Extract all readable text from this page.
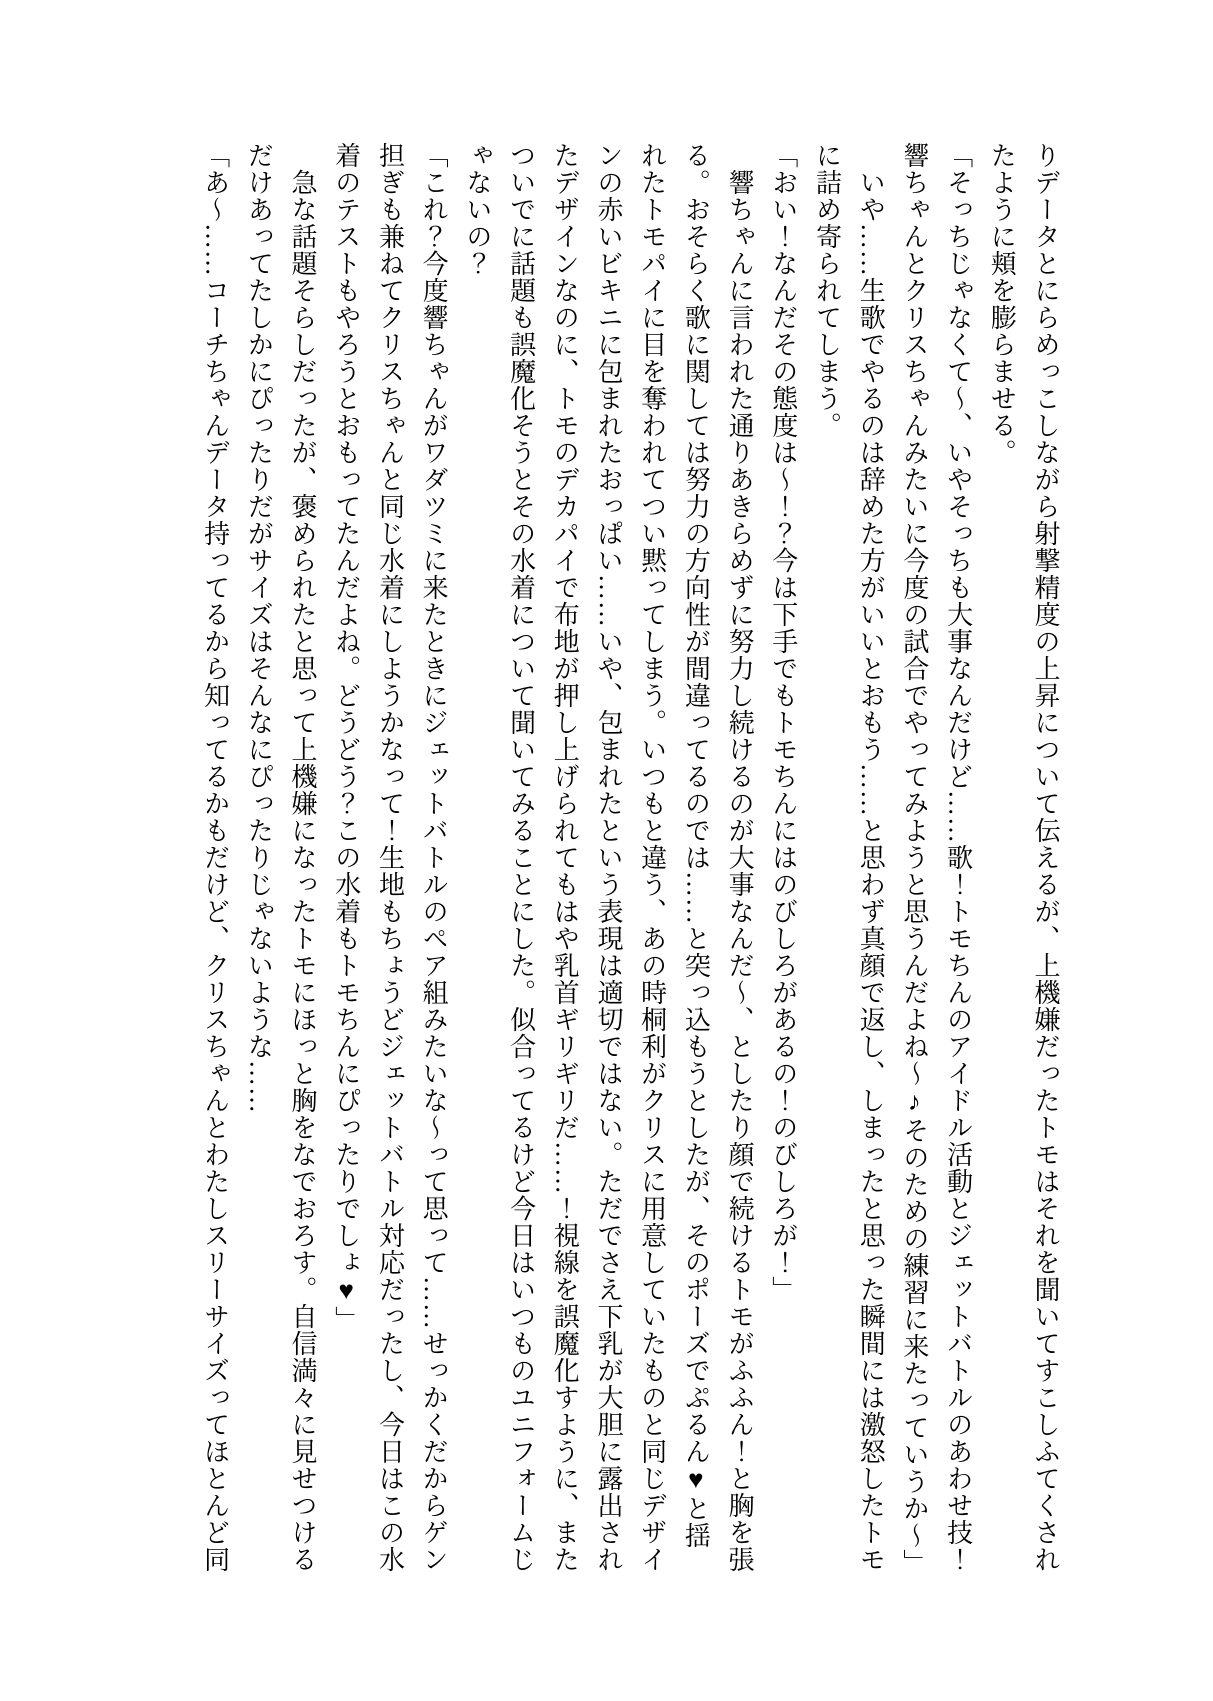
りデータとにらめっこしながら射撃精度の上昇について伝えるが、上機嫌だったトモはそれを聞いてすこしふてくされたように頬を膨らませる。

「そっちじゃなくて～、いやそっちも大事なんだけど……歌！トモちんのアイドル活動とジェットバトルのあわせ技！響ちゃんとクリスちゃんみたいに今度の試合でやってみようと思うんだよね～♪そのための練習に来たっていうか～」

いや……生歌でやるのは辞めた方がいいとおもう……と思わず真顔で返し、しまったと思った瞬間には激怒したトモに詰め寄られてしまう。

「おい！なんだその態度は～！？今は下手でもトモちんにはのびしろがあるの！のびしろが！」

響ちゃんに言われた通りあきらめずに努力し続けるのが大事なんだ～、としたり顔で続けるトモがふふん！と胸を張る。おそらく歌に関しては努力の方向性が間違ってるのでは……と突っ込もうとしたが、そのポーズでぷるん♥と揺れたトモパイに目を奪われてつい黙ってしまう。いつもと違う、あの時桐利がクリスに用意していたものと同じデザインの赤いビキニに包まれたおっぱい……いや、包まれたという表現は適切ではない。ただでさえ下乳が大胆に露出されたデザインなのに、トモのデカパイで布地が押し上げられてもはや乳首ギリギリだ……！視線を誤魔化すように、またついでに話題も誤魔化そうとその水着について聞いてみることにした。似合ってるけど今日はいつものユニフォームじゃないの？

「これ？今度響ちゃんがワダツミに来たときにジェットバトルのペア組みたいな～って思って……せっかくだからゲン担ぎも兼ねてクリスちゃんと同じ水着にしようかなって！生地もちょうどジェットバトル対応だったし、今日はこの水着のテストもやろうとおもってたんだよね。どうどう？この水着もトモちんにぴったりでしょ♥」

急な話題そらしだったが、褒められたと思って上機嫌になったトモにほっと胸をなでおろす。自信満々に見せつけるだけあってたしかにぴったりだがサイズはそんなにぴったりじゃないような……

「あ～……コーチちゃんデータ持ってるから知ってるかもだけど、クリスちゃんとわたしスリーサイズってほとんど同
